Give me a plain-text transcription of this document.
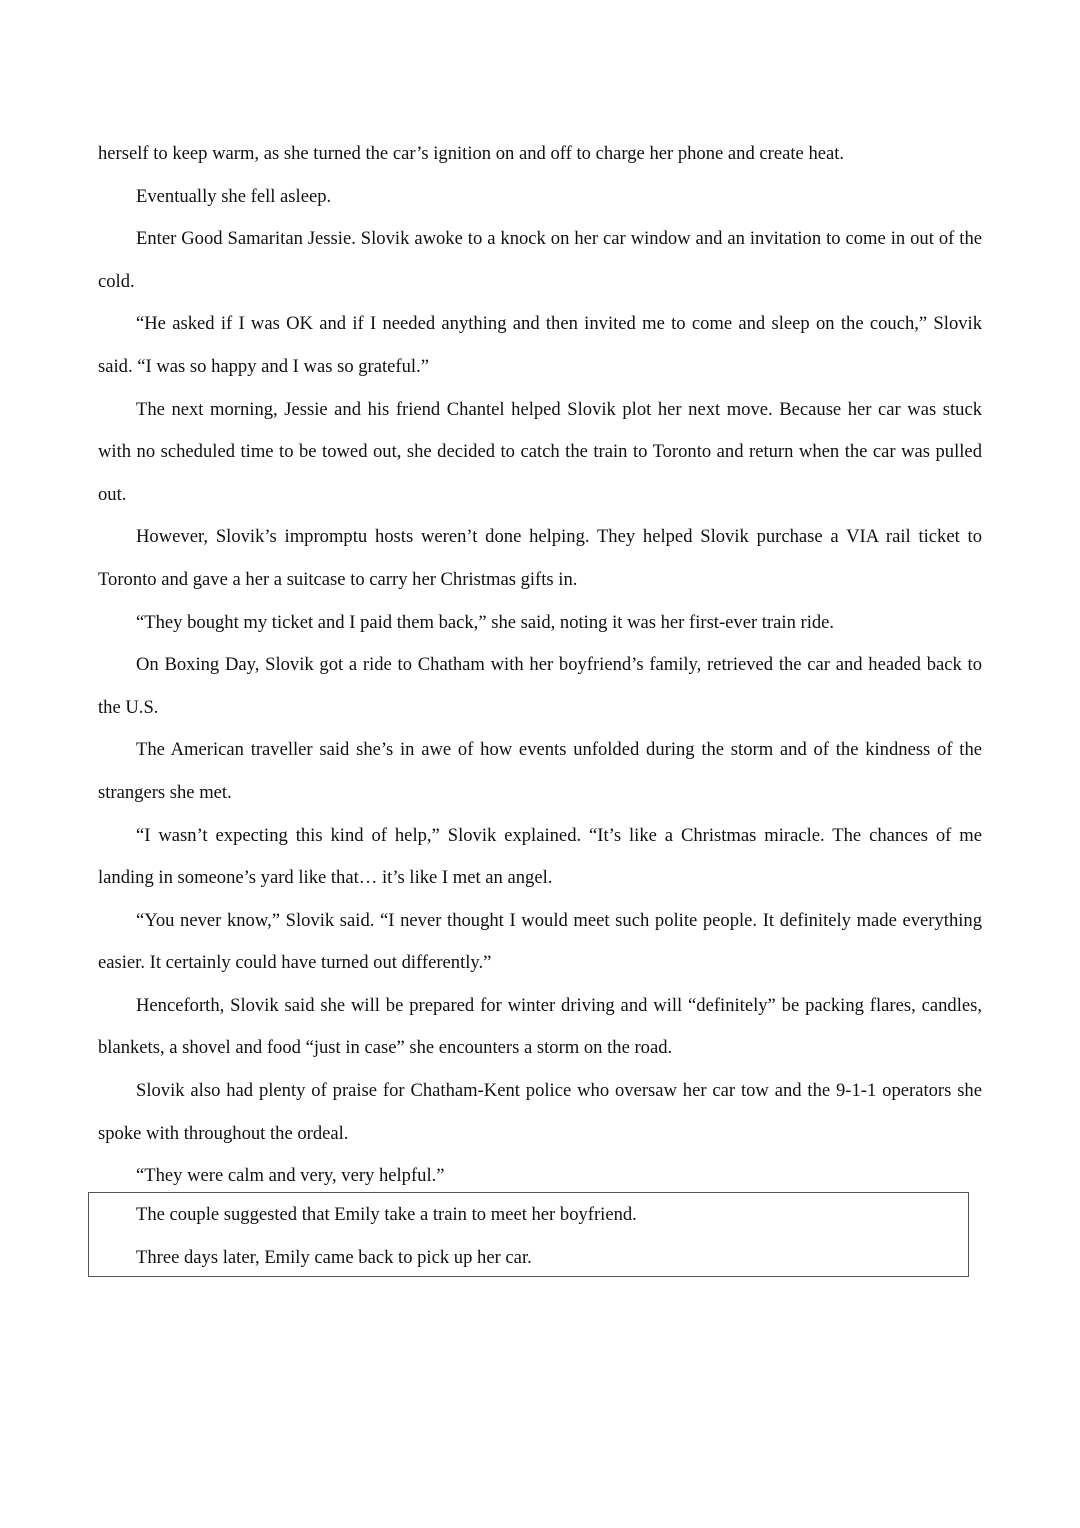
herself to keep warm, as she turned the car’s ignition on and off to charge her phone and create heat.

Eventually she fell asleep.

Enter Good Samaritan Jessie. Slovik awoke to a knock on her car window and an invitation to come in out of the cold.

“He asked if I was OK and if I needed anything and then invited me to come and sleep on the couch,” Slovik said. “I was so happy and I was so grateful.”

The next morning, Jessie and his friend Chantel helped Slovik plot her next move. Because her car was stuck with no scheduled time to be towed out, she decided to catch the train to Toronto and return when the car was pulled out.

However, Slovik’s impromptu hosts weren’t done helping. They helped Slovik purchase a VIA rail ticket to Toronto and gave a her a suitcase to carry her Christmas gifts in.

“They bought my ticket and I paid them back,” she said, noting it was her first-ever train ride.

On Boxing Day, Slovik got a ride to Chatham with her boyfriend’s family, retrieved the car and headed back to the U.S.

The American traveller said she’s in awe of how events unfolded during the storm and of the kindness of the strangers she met.

“I wasn’t expecting this kind of help,” Slovik explained. “It’s like a Christmas miracle. The chances of me landing in someone’s yard like that… it’s like I met an angel.

“You never know,” Slovik said. “I never thought I would meet such polite people. It definitely made everything easier. It certainly could have turned out differently.”

Henceforth, Slovik said she will be prepared for winter driving and will “definitely” be packing flares, candles, blankets, a shovel and food “just in case” she encounters a storm on the road.

Slovik also had plenty of praise for Chatham-Kent police who oversaw her car tow and the 9-1-1 operators she spoke with throughout the ordeal.

“They were calm and very, very helpful.”

The couple suggested that Emily take a train to meet her boyfriend.

Three days later, Emily came back to pick up her car.
